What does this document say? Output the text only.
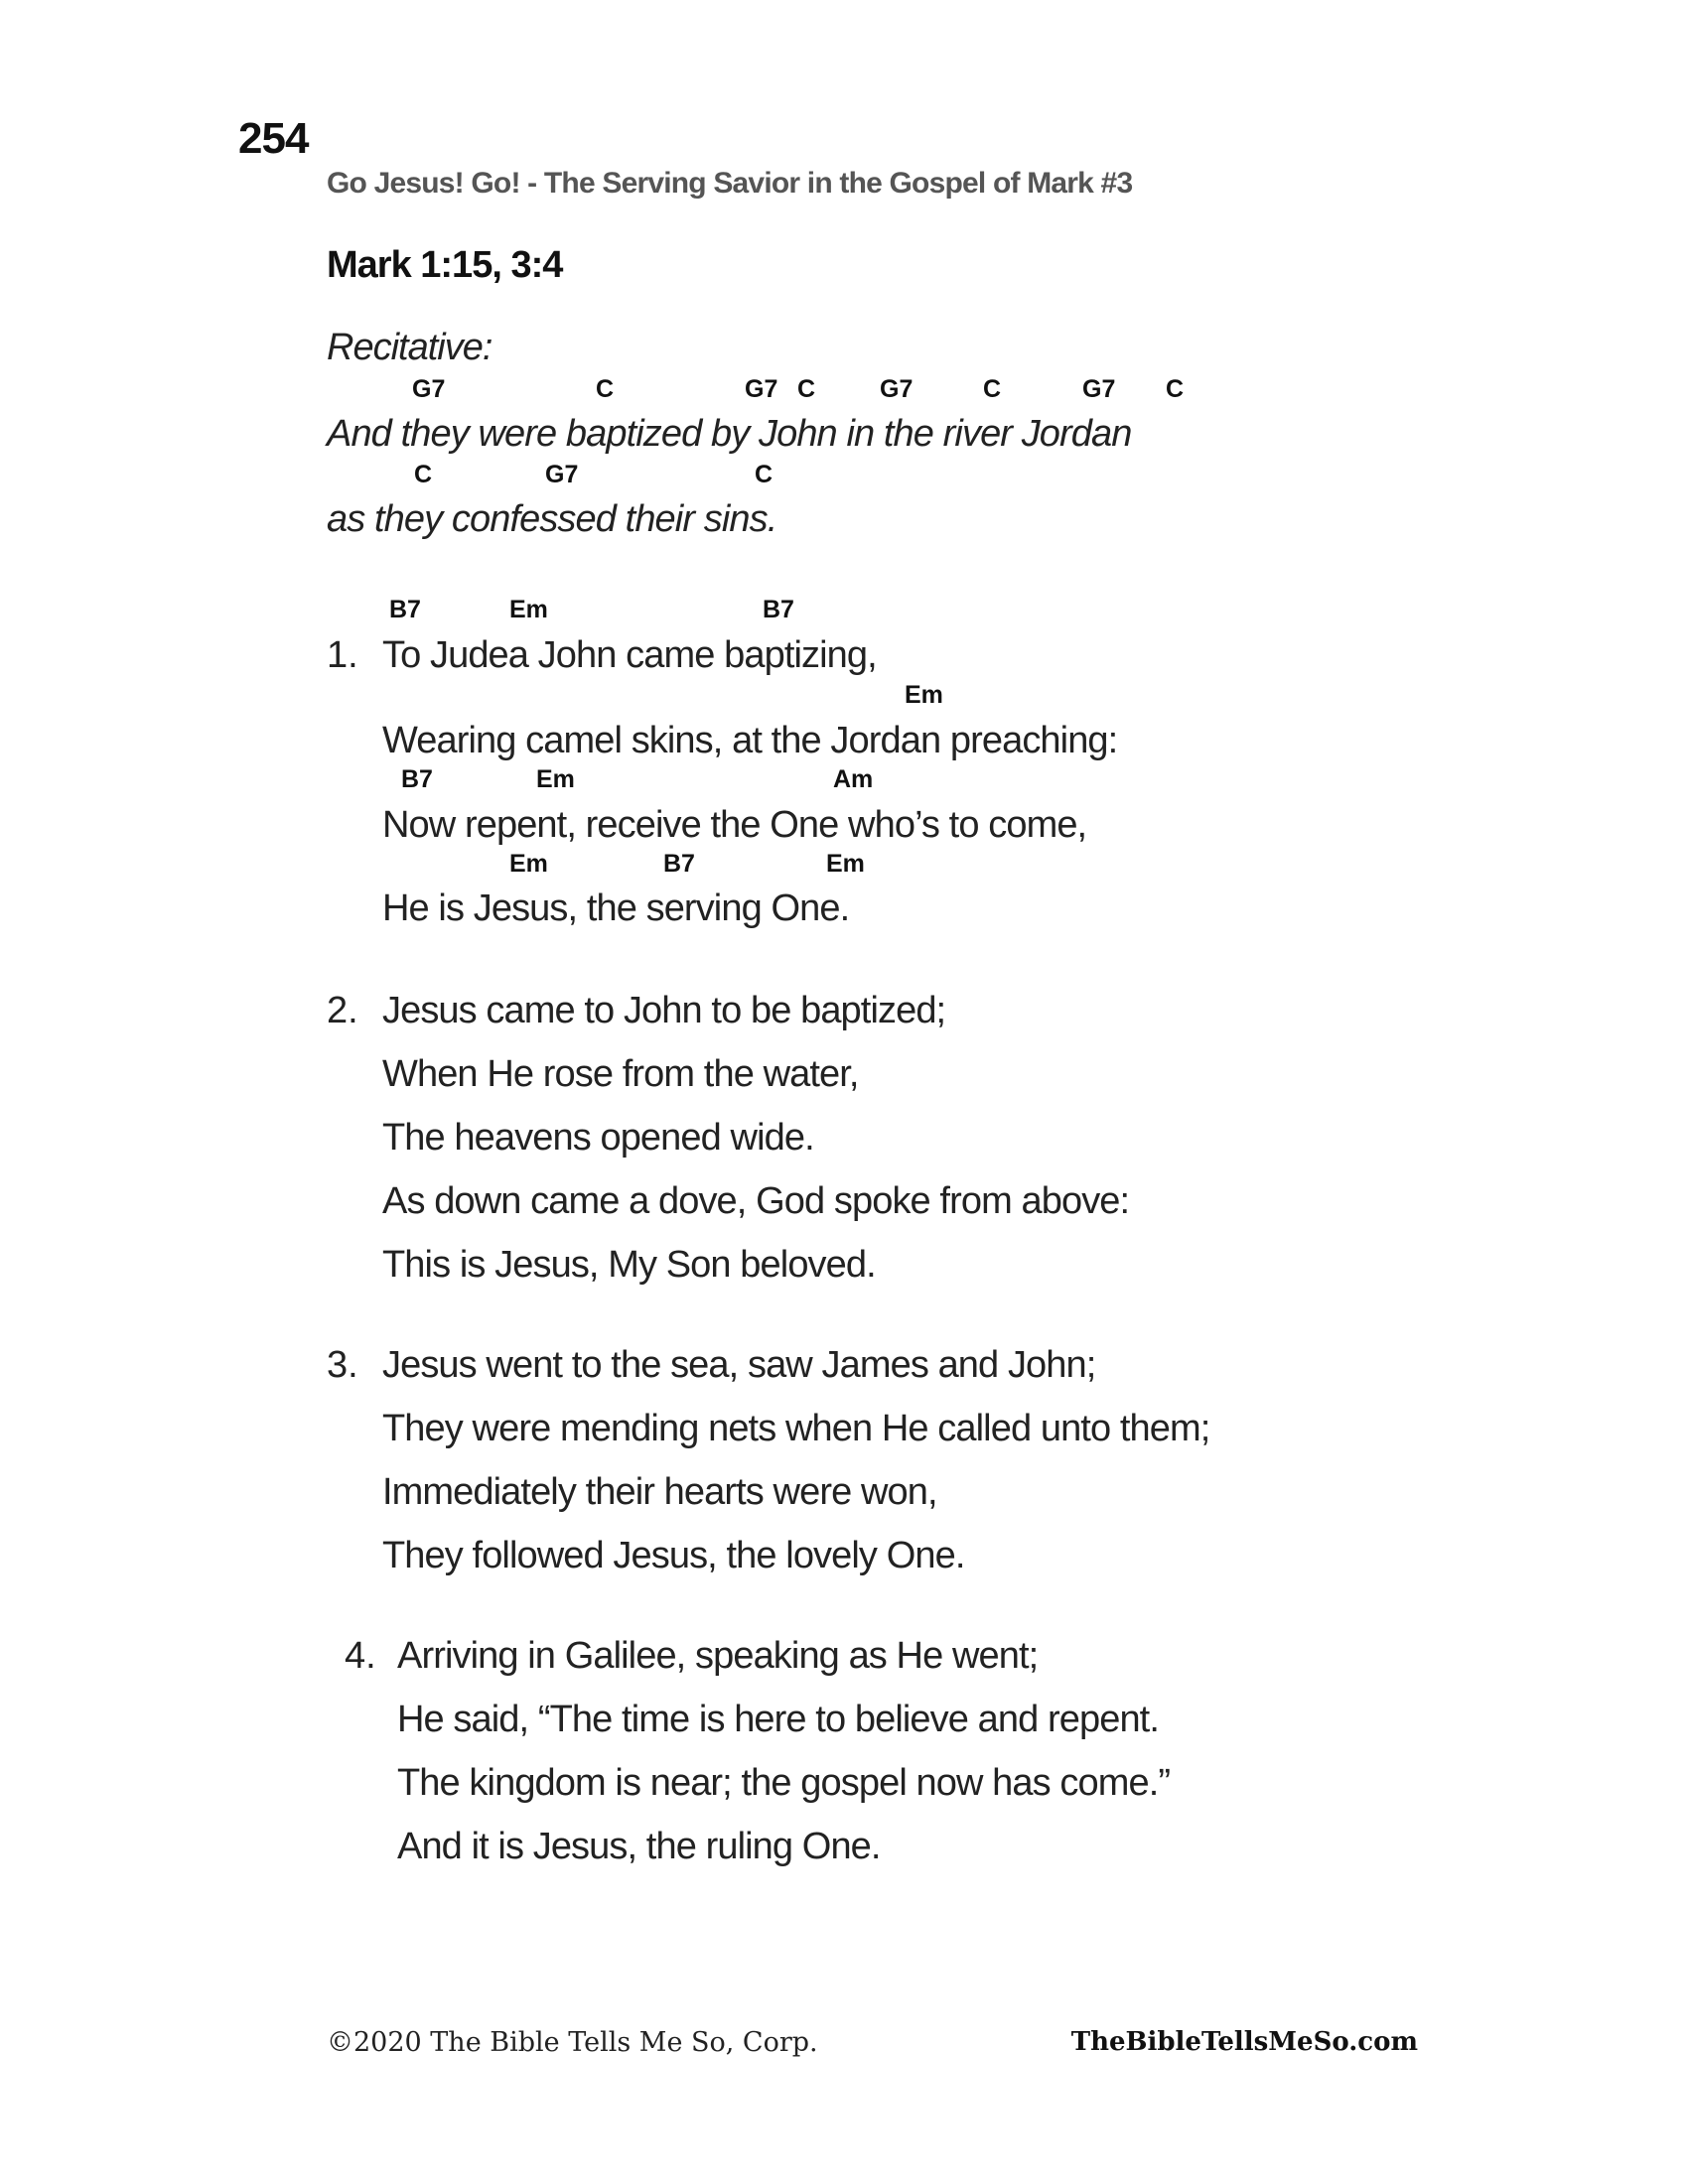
254
Go Jesus! Go! - The Serving Savior in the Gospel of Mark #3
Mark 1:15, 3:4
Recitative:
G7	C	G7 C	G7	C	G7 C
And they were baptized by John in the river Jordan
C	G7	C
as they confessed their sins.
B7	Em	B7
1. To Judea John came baptizing,
Em
Wearing camel skins, at the Jordan preaching:
B7	Em	Am
Now repent, receive the One who’s to come,
Em	B7	Em
He is Jesus, the serving One.
2. Jesus came to John to be baptized;
When He rose from the water,
The heavens opened wide.
As down came a dove, God spoke from above:
This is Jesus, My Son beloved.
3. Jesus went to the sea, saw James and John;
They were mending nets when He called unto them;
Immediately their hearts were won,
They followed Jesus, the lovely One.
4. Arriving in Galilee, speaking as He went;
He said, “The time is here to believe and repent.
The kingdom is near; the gospel now has come.”
And it is Jesus, the ruling One.
©2020 The Bible Tells Me So, Corp.	TheBibleTellsMeSo.com
